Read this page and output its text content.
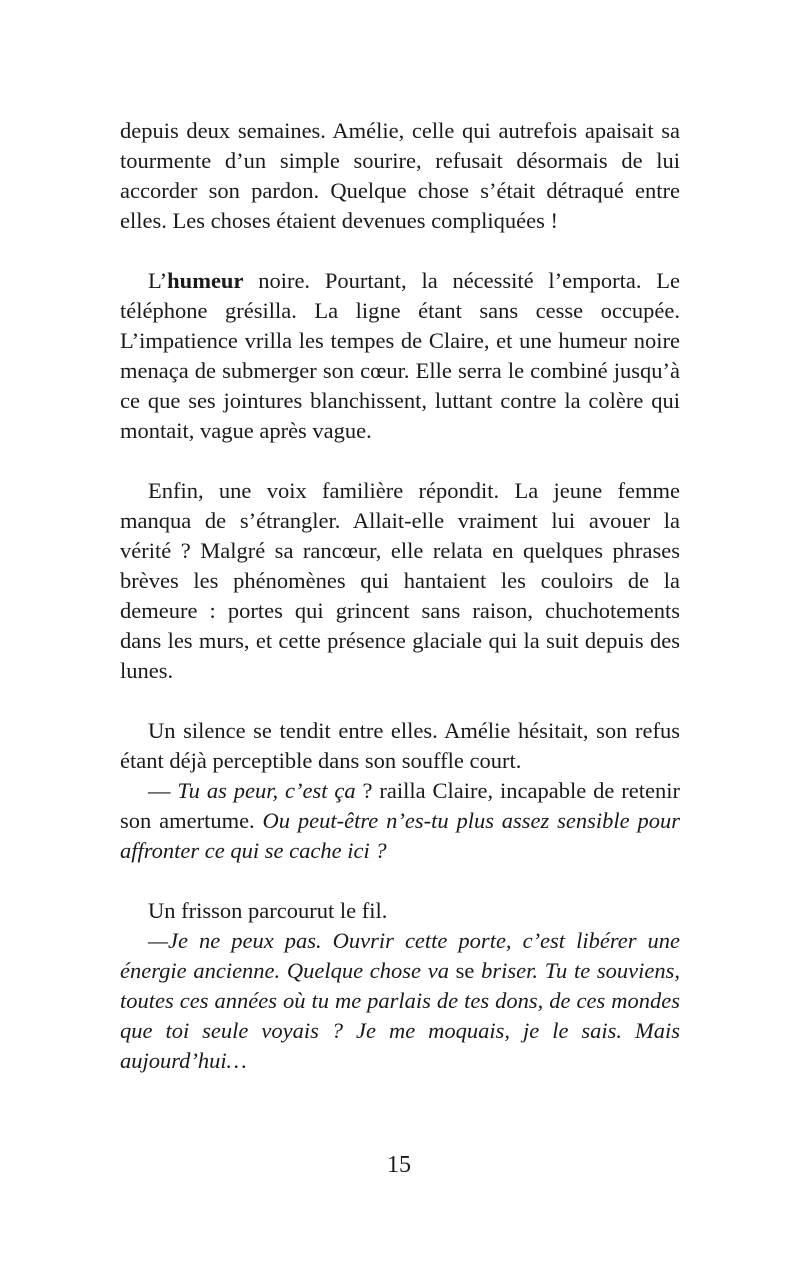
depuis deux semaines. Amélie, celle qui autrefois apaisait sa tourmente d’un simple sourire, refusait désormais de lui accorder son pardon. Quelque chose s’était détraqué entre elles. Les choses étaient devenues compliquées !

L’humeur noire. Pourtant, la nécessité l’emporta. Le téléphone grésilla. La ligne étant sans cesse occupée. L’impatience vrilla les tempes de Claire, et une humeur noire menaça de submerger son cœur. Elle serra le combiné jusqu’à ce que ses jointures blanchissent, luttant contre la colère qui montait, vague après vague.

Enfin, une voix familière répondit. La jeune femme manqua de s’étrangler. Allait-elle vraiment lui avouer la vérité ? Malgré sa rancœur, elle relata en quelques phrases brèves les phénomènes qui hantaient les couloirs de la demeure : portes qui grincent sans raison, chuchotements dans les murs, et cette présence glaciale qui la suit depuis des lunes.

Un silence se tendit entre elles. Amélie hésitait, son refus étant déjà perceptible dans son souffle court.

— Tu as peur, c’est ça ? railla Claire, incapable de retenir son amertume. Ou peut-être n’es-tu plus assez sensible pour affronter ce qui se cache ici ?

Un frisson parcourut le fil.

—Je ne peux pas. Ouvrir cette porte, c’est libérer une énergie ancienne. Quelque chose va se briser. Tu te souviens, toutes ces années où tu me parlais de tes dons, de ces mondes que toi seule voyais ? Je me moquais, je le sais. Mais aujourd’hui…

15
